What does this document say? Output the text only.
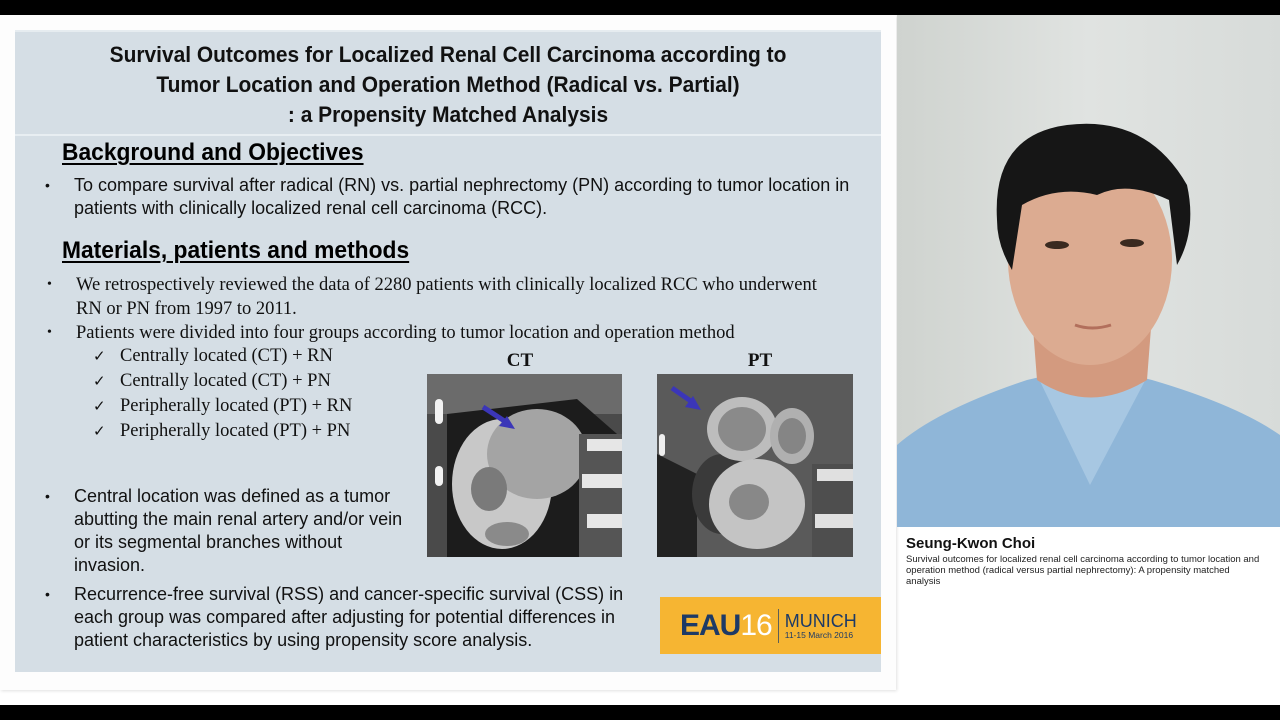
Survival Outcomes for Localized Renal Cell Carcinoma according to
Tumor Location and Operation Method (Radical vs. Partial)
: a Propensity Matched Analysis
Background and Objectives
• To compare survival after radical (RN) vs. partial nephrectomy (PN) according to tumor location in patients with clinically localized renal cell carcinoma (RCC).
Materials, patients and methods
• We retrospectively reviewed the data of 2280 patients with clinically localized RCC who underwent RN or PN from 1997 to 2011.
• Patients were divided into four groups according to tumor location and operation method
✓ Centrally located (CT) + RN
✓ Centrally located (CT) + PN
✓ Peripherally located (PT) + RN
✓ Peripherally located (PT) + PN
CT	PT
• Central location was defined as a tumor abutting the main renal artery and/or vein or its segmental branches without invasion.
• Recurrence-free survival (RSS) and cancer-specific survival (CSS) in each group was compared after adjusting for potential differences in patient characteristics by using propensity score analysis.	EAU 16 MUNICH
11-15 March 2016
Seung-Kwon Choi
Survival outcomes for localized renal cell carcinoma according to tumor location and operation method (radical versus partial nephrectomy): A propensity matched analysis
